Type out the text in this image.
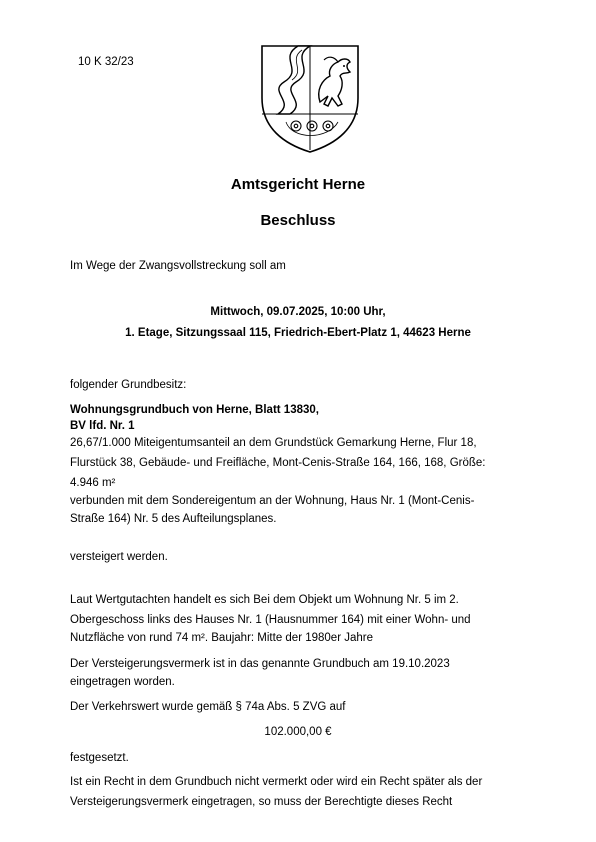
10 K 32/23
Amtsgericht Herne
Beschluss
Im Wege der Zwangsvollstreckung soll am
Mittwoch, 09.07.2025, 10:00 Uhr,
1. Etage, Sitzungssaal 115, Friedrich-Ebert-Platz 1, 44623 Herne
folgender Grundbesitz:
Wohnungsgrundbuch von Herne, Blatt 13830,
BV lfd. Nr. 1
26,67/1.000 Miteigentumsanteil an dem Grundstück Gemarkung Herne, Flur 18,
Flurstück 38, Gebäude- und Freifläche, Mont-Cenis-Straße 164, 166, 168, Größe:
4.946 m²
verbunden mit dem Sondereigentum an der Wohnung, Haus Nr. 1 (Mont-Cenis-
Straße 164) Nr. 5 des Aufteilungsplanes.
versteigert werden.
Laut Wertgutachten handelt es sich Bei dem Objekt um Wohnung Nr. 5 im 2.
Obergeschoss links des Hauses Nr. 1 (Hausnummer 164) mit einer Wohn- und
Nutzfläche von rund 74 m². Baujahr: Mitte der 1980er Jahre
Der Versteigerungsvermerk ist in das genannte Grundbuch am 19.10.2023
eingetragen worden.
Der Verkehrswert wurde gemäß § 74a Abs. 5 ZVG auf
102.000,00 €
festgesetzt.
Ist ein Recht in dem Grundbuch nicht vermerkt oder wird ein Recht später als der
Versteigerungsvermerk eingetragen, so muss der Berechtigte dieses Recht
